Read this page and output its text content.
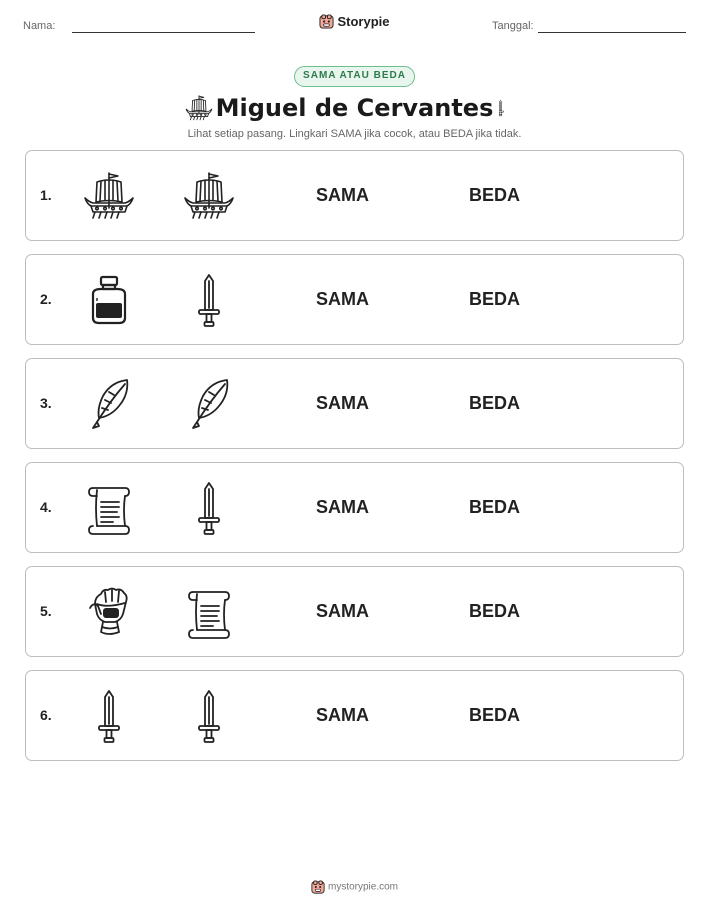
Nama:	Storypie	Tanggal:
SAMA ATAU BEDA
Miguel de Cervantes
Lihat setiap pasang. Lingkari SAMA jika cocok, atau BEDA jika tidak.
1.	SAMA	BEDA
2.	SAMA	BEDA
3.	SAMA	BEDA
4.	SAMA	BEDA
5.	SAMA	BEDA
6.	SAMA	BEDA
mystorypie.com
